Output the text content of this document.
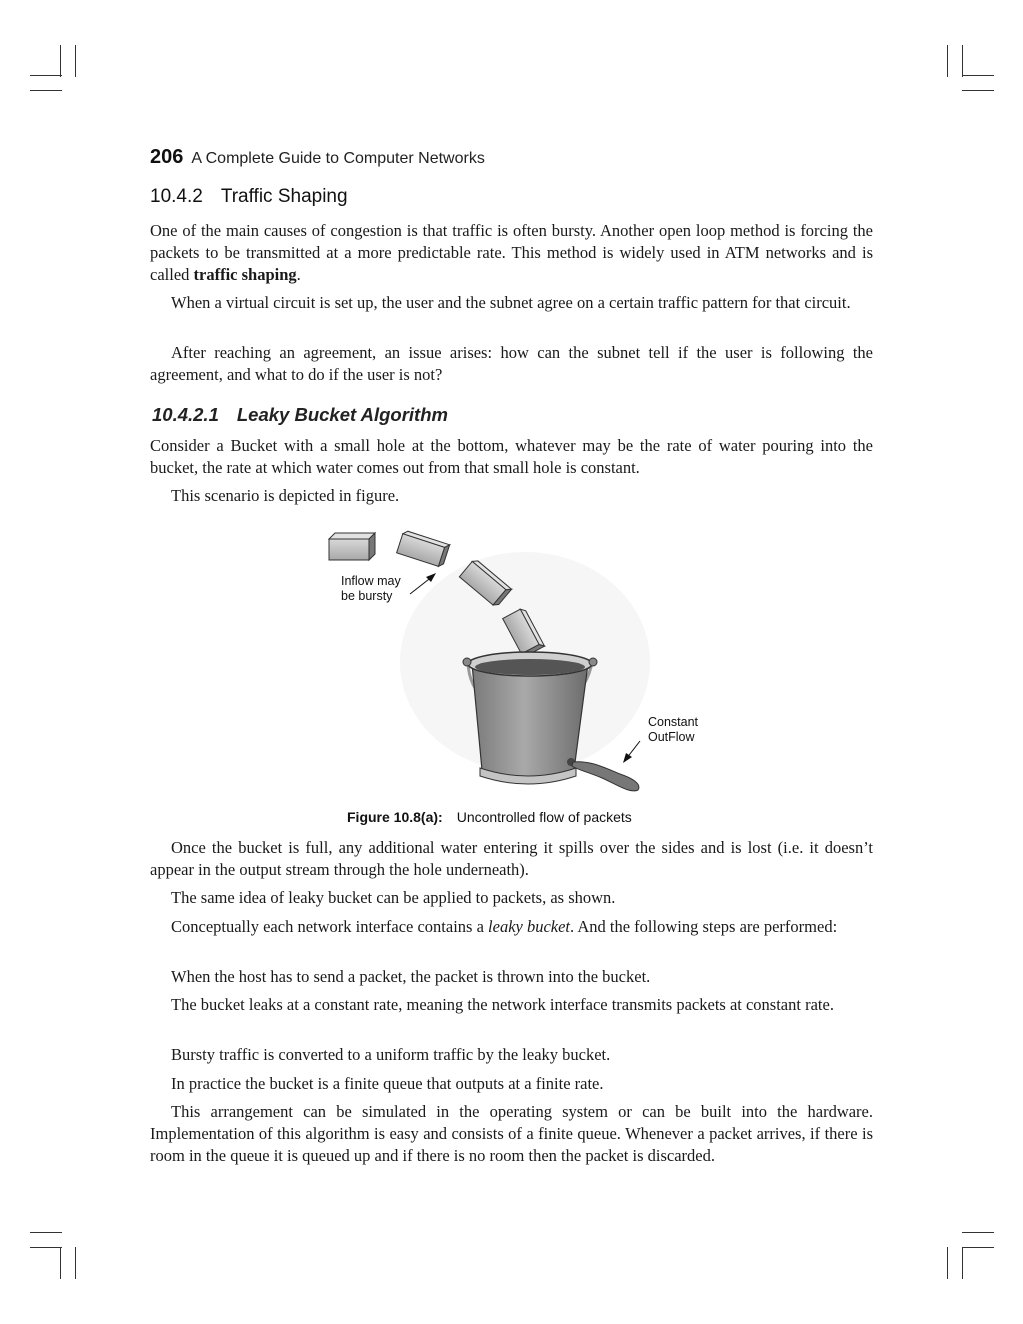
206 A Complete Guide to Computer Networks
10.4.2 Traffic Shaping

One of the main causes of congestion is that traffic is often bursty. Another open loop method is forcing the packets to be transmitted at a more predictable rate. This method is widely used in ATM networks and is called traffic shaping.

When a virtual circuit is set up, the user and the subnet agree on a certain traffic pattern for that circuit.

After reaching an agreement, an issue arises: how can the subnet tell if the user is following the agreement, and what to do if the user is not?

10.4.2.1 Leaky Bucket Algorithm

Consider a Bucket with a small hole at the bottom, whatever may be the rate of water pouring into the bucket, the rate at which water comes out from that small hole is constant.

This scenario is depicted in figure.

Inflow may
be bursty
Constant
OutFlow
Figure 10.8(a): Uncontrolled flow of packets

Once the bucket is full, any additional water entering it spills over the sides and is lost (i.e. it doesn’t appear in the output stream through the hole underneath).

The same idea of leaky bucket can be applied to packets, as shown.

Conceptually each network interface contains a leaky bucket. And the following steps are performed:

When the host has to send a packet, the packet is thrown into the bucket.

The bucket leaks at a constant rate, meaning the network interface transmits packets at constant rate.

Bursty traffic is converted to a uniform traffic by the leaky bucket.

In practice the bucket is a finite queue that outputs at a finite rate.

This arrangement can be simulated in the operating system or can be built into the hardware. Implementation of this algorithm is easy and consists of a finite queue. Whenever a packet arrives, if there is room in the queue it is queued up and if there is no room then the packet is discarded.
